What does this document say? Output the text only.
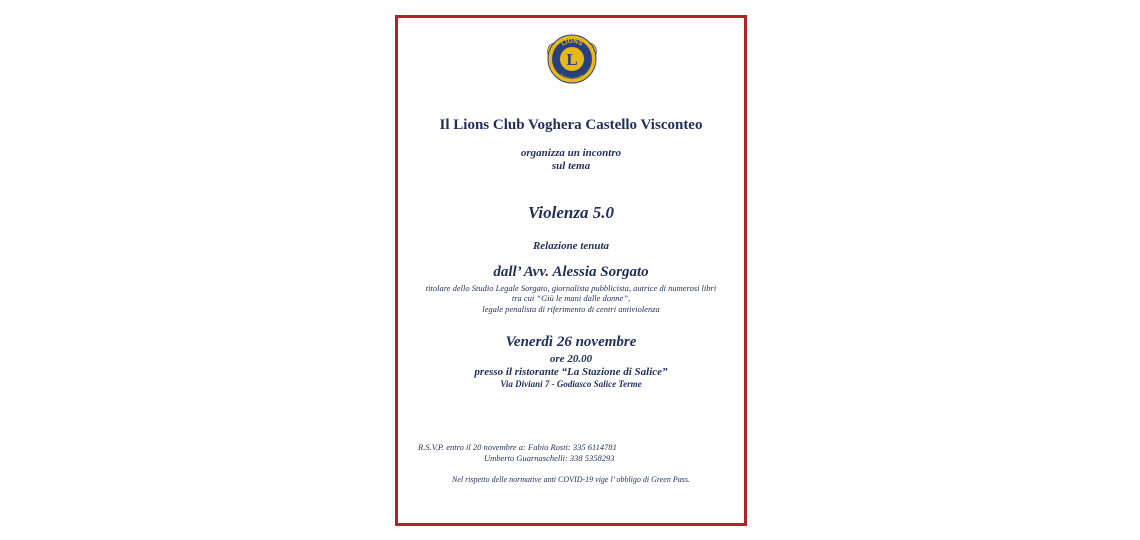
L
LIONS
INTERNATIONAL
Il Lions Club Voghera Castello Visconteo
organizza un incontro
sul tema
Violenza 5.0
Relazione tenuta
dall’ Avv. Alessia Sorgato
titolare dello Studio Legale Sorgato, giornalista pubblicista, autrice di numerosi libri
tra cui “Giù le mani dalle donne”,
legale penalista di riferimento di centri antiviolenza
Venerdì 26 novembre
ore 20.00
presso il ristorante “La Stazione di Salice”
Via Diviani 7 - Godiasco Salice Terme
R.S.V.P. entro il 20 novembre a: Fabio Rosti: 335 6114781
Umberto Guarnaschelli: 338 5358293
Nel rispetto delle normative anti COVID-19 vige l’ obbligo di Green Pass.
